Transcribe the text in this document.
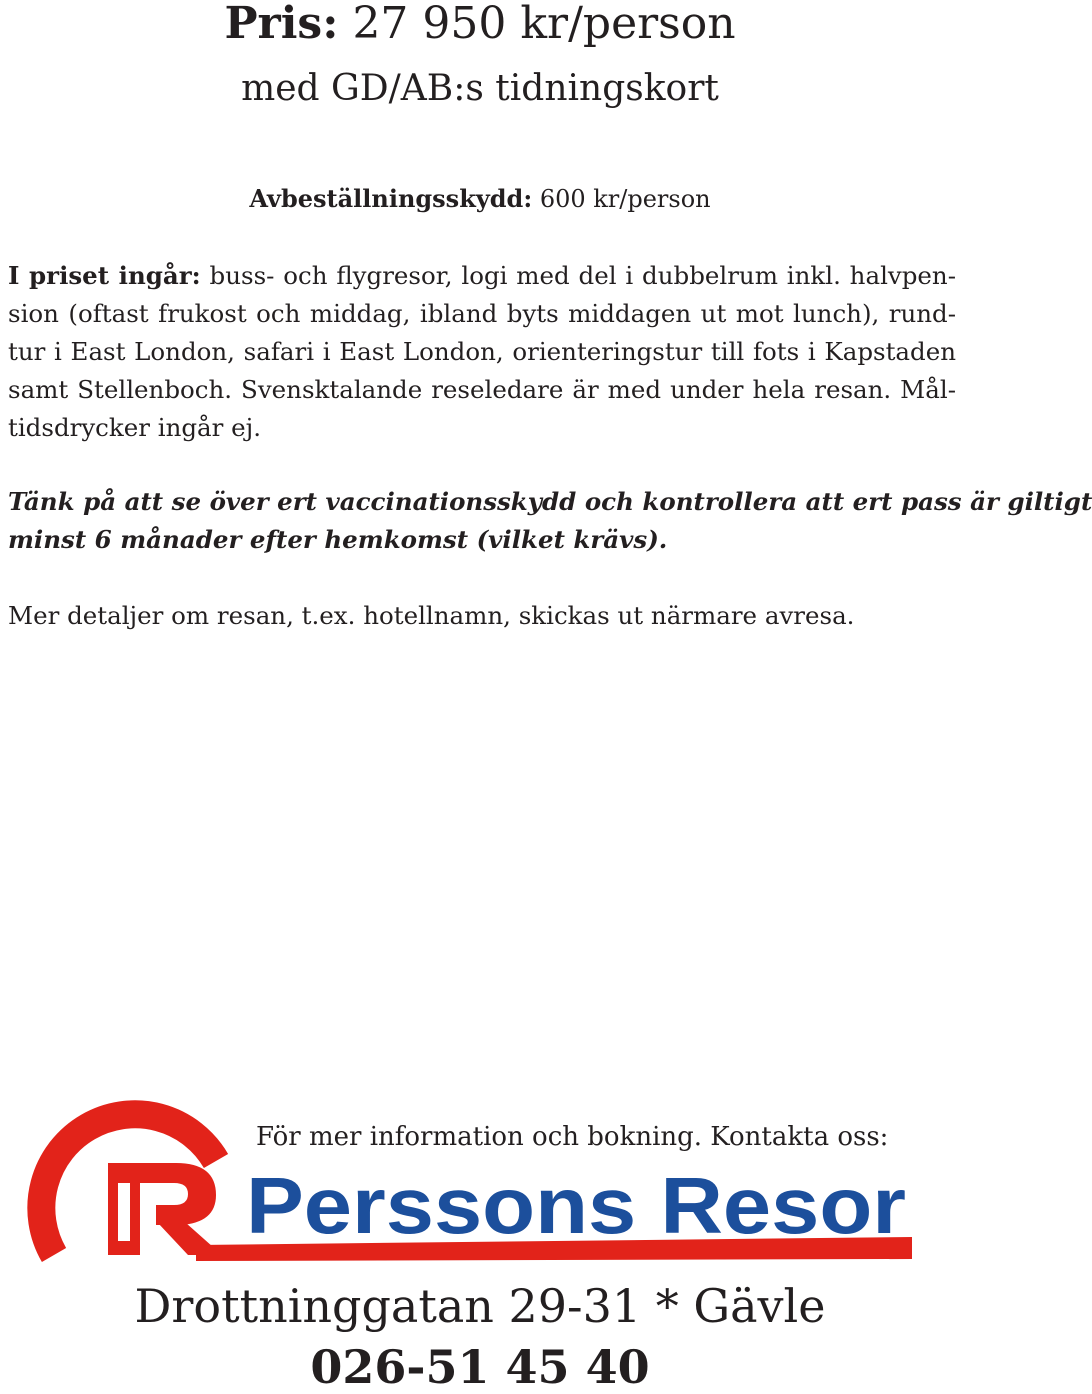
Pris: 27 950 kr/person
med GD/AB:s tidningskort
Avbeställningsskydd: 600 kr/person
I priset ingår: buss- och flygresor, logi med del i dubbelrum inkl. halvpen-
sion (oftast frukost och middag, ibland byts middagen ut mot lunch), rund-
tur i East London, safari i East London, orienteringstur till fots i Kapstaden
samt Stellenboch. Svensktalande reseledare är med under hela resan. Mål-
tidsdrycker ingår ej.
Tänk på att se över ert vaccinationsskydd och kontrollera att ert pass är giltigt
minst 6 månader efter hemkomst (vilket krävs).
Mer detaljer om resan, t.ex. hotellnamn, skickas ut närmare avresa.
Perssons Resor
För mer information och bokning. Kontakta oss:
Drottninggatan 29-31 * Gävle
026-51 45 40
